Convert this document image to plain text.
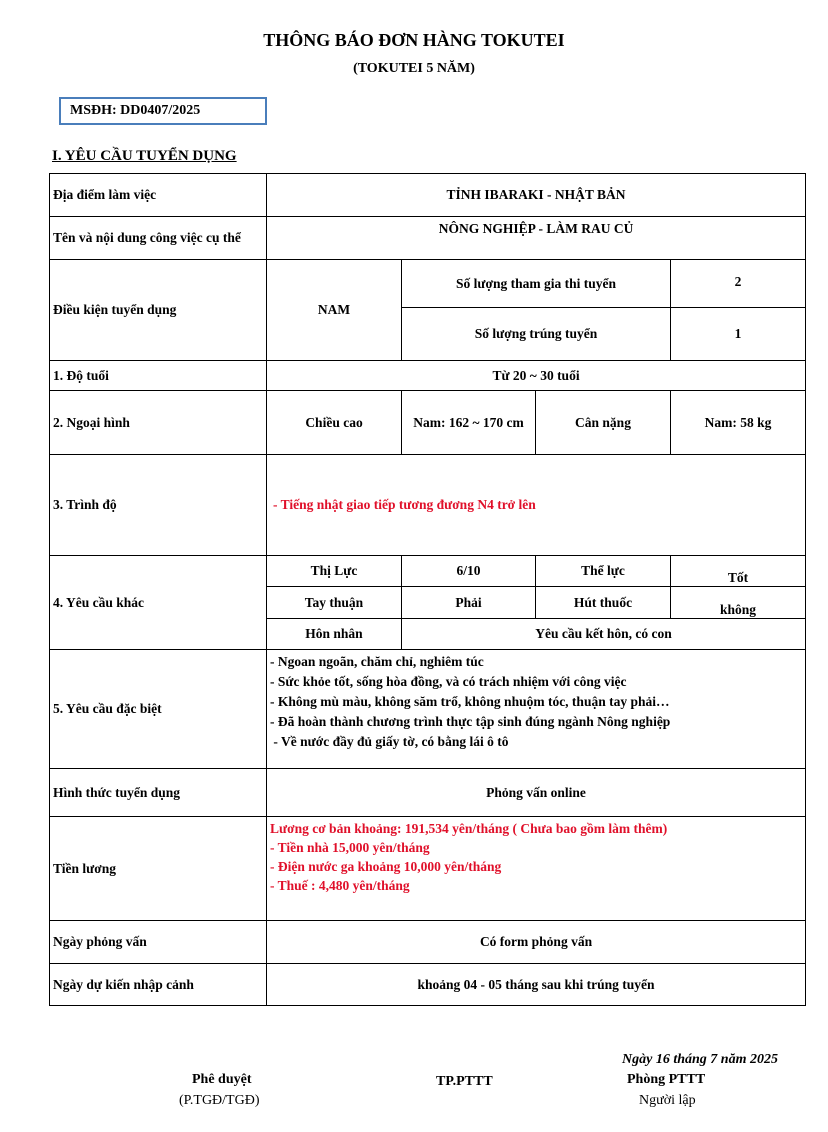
THÔNG BÁO ĐƠN HÀNG TOKUTEI
(TOKUTEI 5 NĂM)
MSĐH: DD0407/2025
I. YÊU CẦU TUYỂN DỤNG
Địa điểm làm việc	TỈNH IBARAKI - NHẬT BẢN			
Tên và nội dung công việc cụ thể	NÔNG NGHIỆP - LÀM RAU CỦ			
Điều kiện tuyển dụng	NAM	Số lượng tham gia thi tuyển		2
		Số lượng trúng tuyển		1
1. Độ tuổi	Từ 20 ~ 30 tuổi			
2. Ngoại hình	Chiều cao	Nam: 162 ~ 170 cm	Cân nặng	Nam: 58 kg
3. Trình độ	- Tiếng nhật giao tiếp tương đương N4 trở lên			
4. Yêu cầu khác	Thị Lực	6/10	Thể lực	Tốt
	Tay thuận	Phải	Hút thuốc	không
	Hôn nhân	Yêu cầu kết hôn, có con		
5. Yêu cầu đặc biệt	- Ngoan ngoãn, chăm chỉ, nghiêm túc
- Sức khỏe tốt, sống hòa đồng, và có trách nhiệm với công việc
- Không mù màu, không săm trổ, không nhuộm tóc, thuận tay phải…
- Đã hoàn thành chương trình thực tập sinh đúng ngành Nông nghiệp
- Về nước đầy đủ giấy tờ, có bằng lái ô tô			

Hình thức tuyển dụng	Phỏng vấn online			
Tiền lương	Lương cơ bản khoảng: 191,534 yên/tháng ( Chưa bao gồm làm thêm)
- Tiền nhà 15,000 yên/tháng
- Điện nước ga khoảng 10,000 yên/tháng
- Thuế : 4,480 yên/tháng			

Ngày phỏng vấn	Có form phỏng vấn			
Ngày dự kiến nhập cảnh	khoảng 04 - 05 tháng sau khi trúng tuyển			
Ngày 16 tháng 7 năm 2025
Phê duyệt
(P.TGĐ/TGĐ)
TP.PTTT	Phòng PTTT
Người lập
